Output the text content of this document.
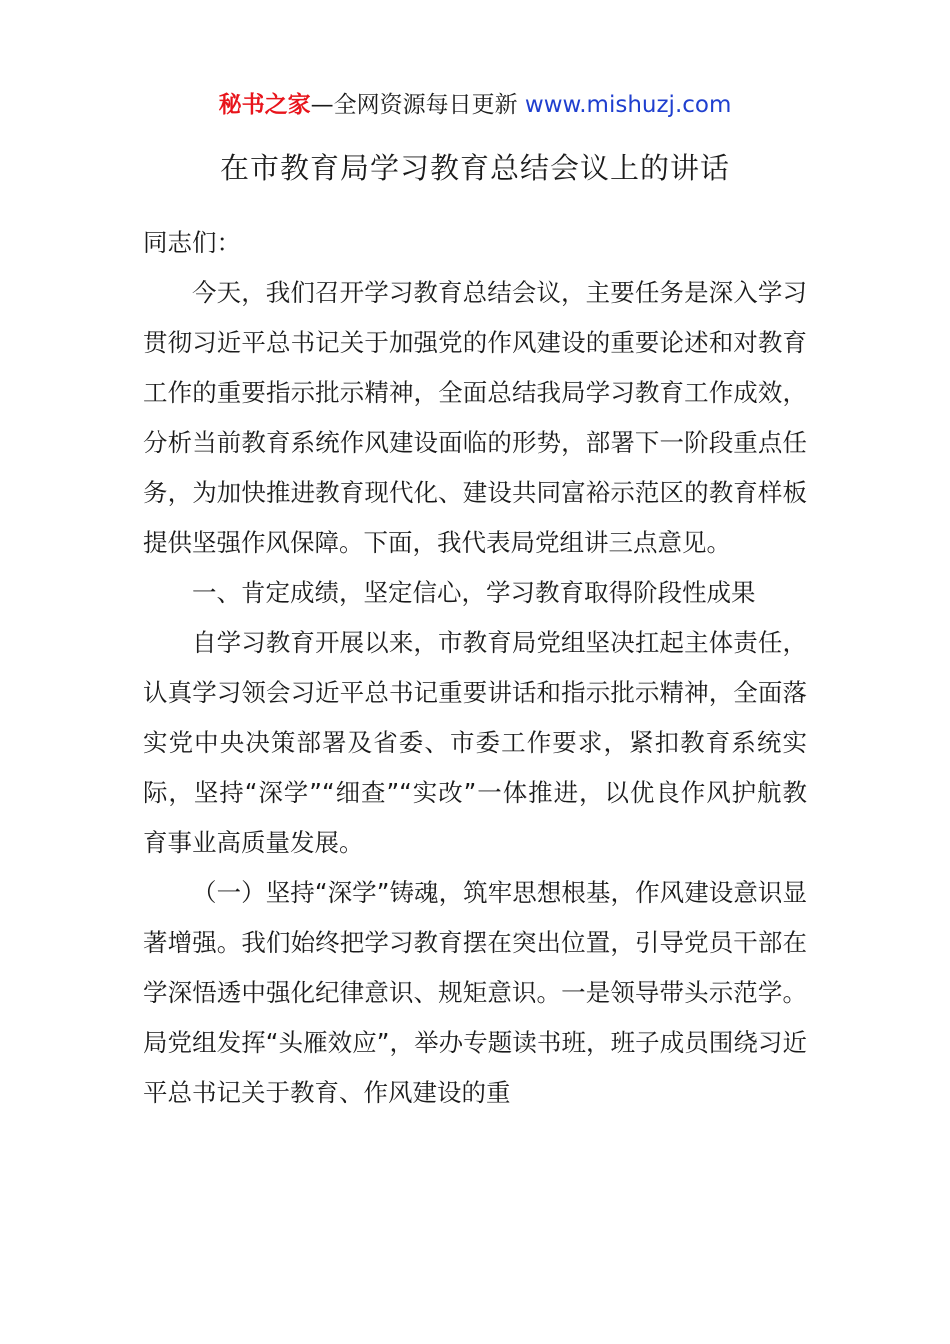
秘书之家—全网资源每日更新 www.mishuzj.com
在市教育局学习教育总结会议上的讲话

同志们：

今天，我们召开学习教育总结会议，主要任务是深入学习贯彻习近平总书记关于加强党的作风建设的重要论述和对教育工作的重要指示批示精神，全面总结我局学习教育工作成效，分析当前教育系统作风建设面临的形势，部署下一阶段重点任务，为加快推进教育现代化、建设共同富裕示范区的教育样板提供坚强作风保障。下面，我代表局党组讲三点意见。

一、肯定成绩，坚定信心，学习教育取得阶段性成果

自学习教育开展以来，市教育局党组坚决扛起主体责任，认真学习领会习近平总书记重要讲话和指示批示精神，全面落实党中央决策部署及省委、市委工作要求，紧扣教育系统实际，坚持“深学”“细查”“实改”一体推进，以优良作风护航教育事业高质量发展。

（一）坚持“深学”铸魂，筑牢思想根基，作风建设意识显著增强。我们始终把学习教育摆在突出位置，引导党员干部在学深悟透中强化纪律意识、规矩意识。一是领导带头示范学。局党组发挥“头雁效应”，举办专题读书班，班子成员围绕习近平总书记关于教育、作风建设的重
